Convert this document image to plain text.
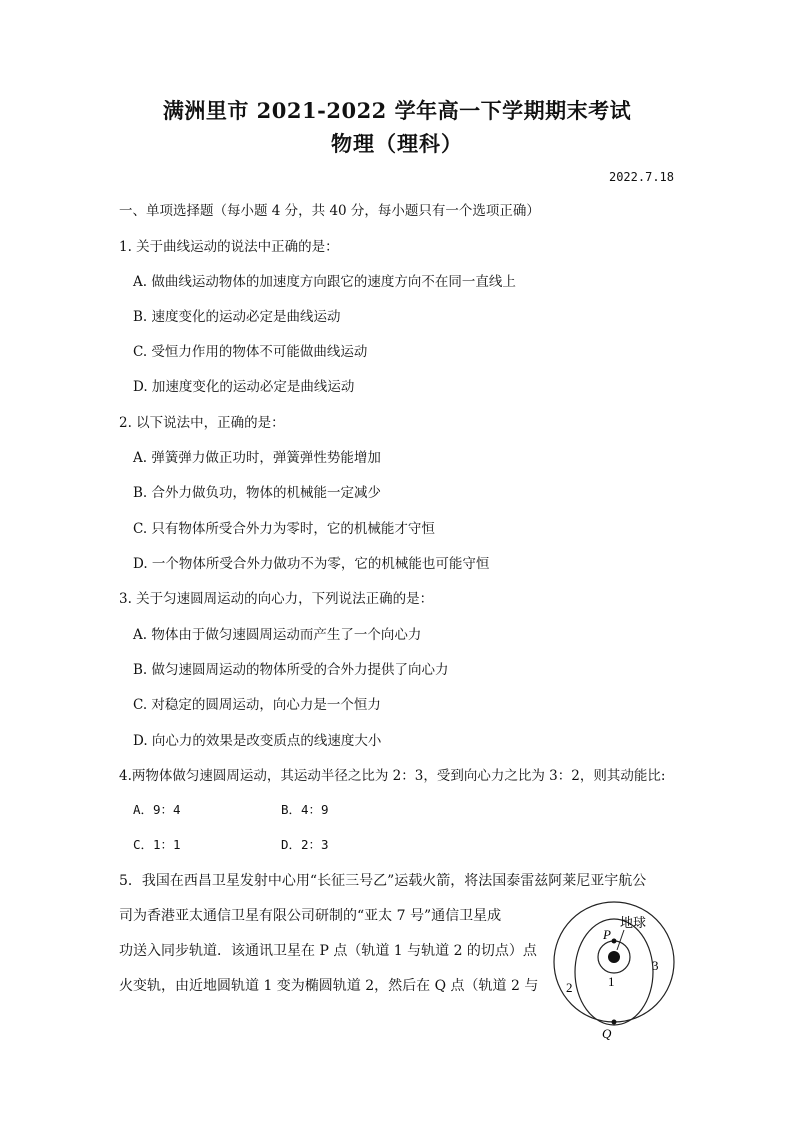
满洲里市 2021-2022 学年高一下学期期末考试
物理（理科）
2022.7.18
一、单项选择题（每小题 4 分，共 40 分，每小题只有一个选项正确）
1. 关于曲线运动的说法中正确的是：
A. 做曲线运动物体的加速度方向跟它的速度方向不在同一直线上
B. 速度变化的运动必定是曲线运动
C. 受恒力作用的物体不可能做曲线运动
D. 加速度变化的运动必定是曲线运动
2. 以下说法中，正确的是：
A. 弹簧弹力做正功时，弹簧弹性势能增加
B. 合外力做负功，物体的机械能一定减少
C. 只有物体所受合外力为零时，它的机械能才守恒
D. 一个物体所受合外力做功不为零，它的机械能也可能守恒
3. 关于匀速圆周运动的向心力，下列说法正确的是：
A. 物体由于做匀速圆周运动而产生了一个向心力
B. 做匀速圆周运动的物体所受的合外力提供了向心力
C. 对稳定的圆周运动，向心力是一个恒力
D. 向心力的效果是改变质点的线速度大小
4.两物体做匀速圆周运动，其运动半径之比为 2：3，受到向心力之比为 3：2，则其动能比:
A．9：4	B．4：9
C．1：1	D．2：3
5．我国在西昌卫星发射中心用“长征三号乙”运载火箭，将法国泰雷兹阿莱尼亚宇航公
司为香港亚太通信卫星有限公司研制的“亚太 7 号”通信卫星成
功送入同步轨道．该通讯卫星在 P 点（轨道 1 与轨道 2 的切点）点
火变轨，由近地圆轨道 1 变为椭圆轨道 2，然后在 Q 点（轨道 2 与
地球
P
Q
1
2
3
